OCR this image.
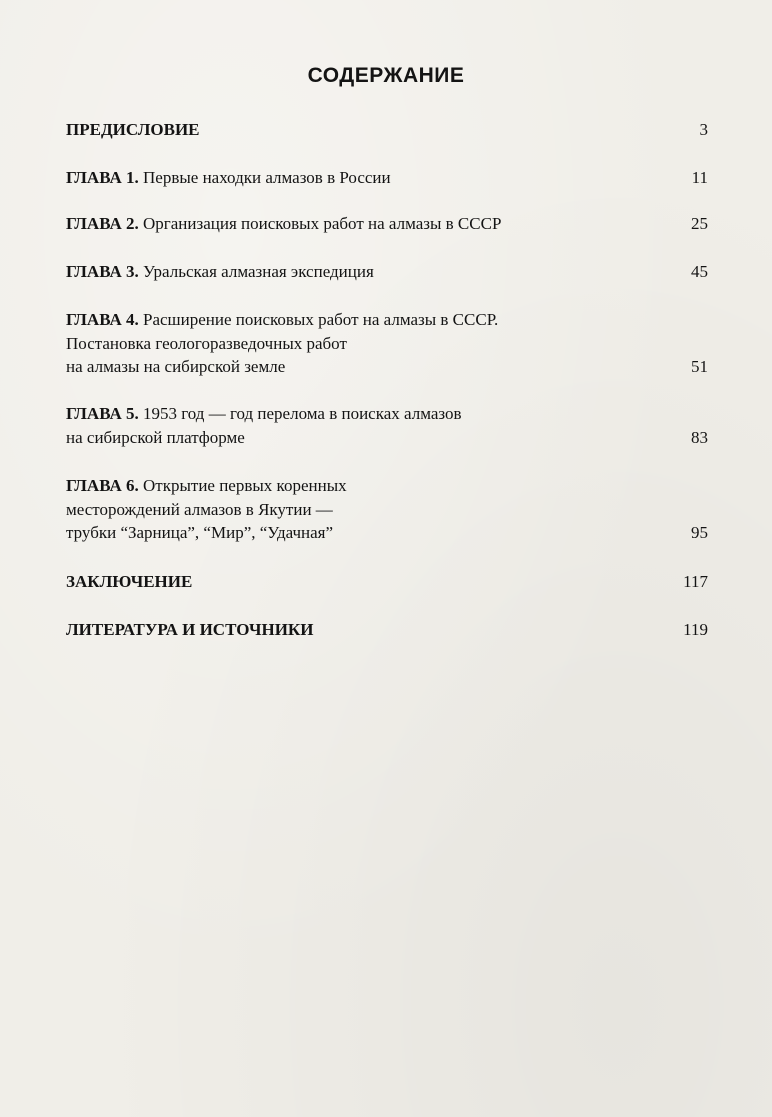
СОДЕРЖАНИЕ
ПРЕДИСЛОВИЕ	3
ГЛАВА 1. Первые находки алмазов в России	11
ГЛАВА 2. Организация поисковых работ на алмазы в СССР	25
ГЛАВА 3. Уральская алмазная экспедиция	45
ГЛАВА 4. Расширение поисковых работ на алмазы в СССР.
Постановка геологоразведочных работ
на алмазы на сибирской земле	51
ГЛАВА 5. 1953 год — год перелома в поисках алмазов
на сибирской платформе	83
ГЛАВА 6. Открытие первых коренных
месторождений алмазов в Якутии —
трубки “Зарница”, “Мир”, “Удачная”	95
ЗАКЛЮЧЕНИЕ	117
ЛИТЕРАТУРА И ИСТОЧНИКИ	119
